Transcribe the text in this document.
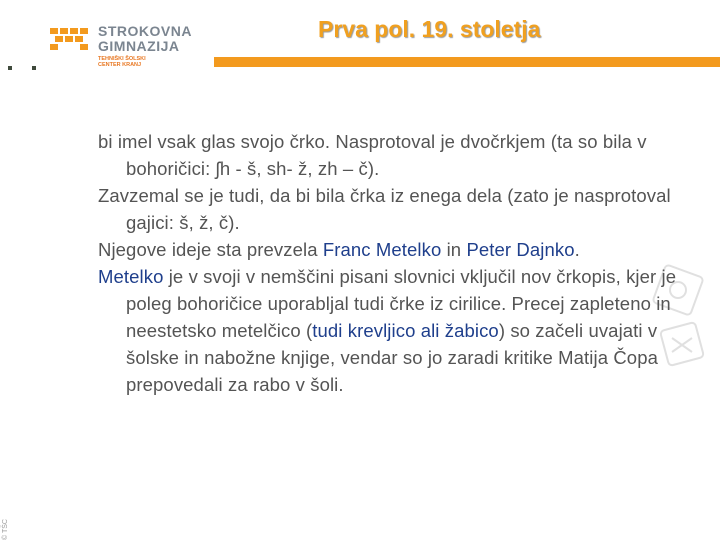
STROKOVNA
GIMNAZIJA
TEHNIŠKI ŠOLSKI
CENTER KRANJ
Prva pol. 19. stoletja
© TŠC

bi imel vsak glas svojo črko. Nasprotoval je dvočrkjem (ta so bila v bohoričici: ʃh - š, sh- ž, zh – č).

Zavzemal se je tudi, da bi bila črka iz enega dela (zato je nasprotoval gajici: š, ž, č).

Njegove ideje sta prevzela Franc Metelko in Peter Dajnko.

Metelko je v svoji v nemščini pisani slovnici vključil nov črkopis, kjer je poleg bohoričice uporabljal tudi črke iz cirilice. Precej zapleteno in neestetsko metelčico (tudi krevljico ali žabico) so začeli uvajati v šolske in nabožne knjige, vendar so jo zaradi kritike Matija Čopa prepovedali za rabo v šoli.
